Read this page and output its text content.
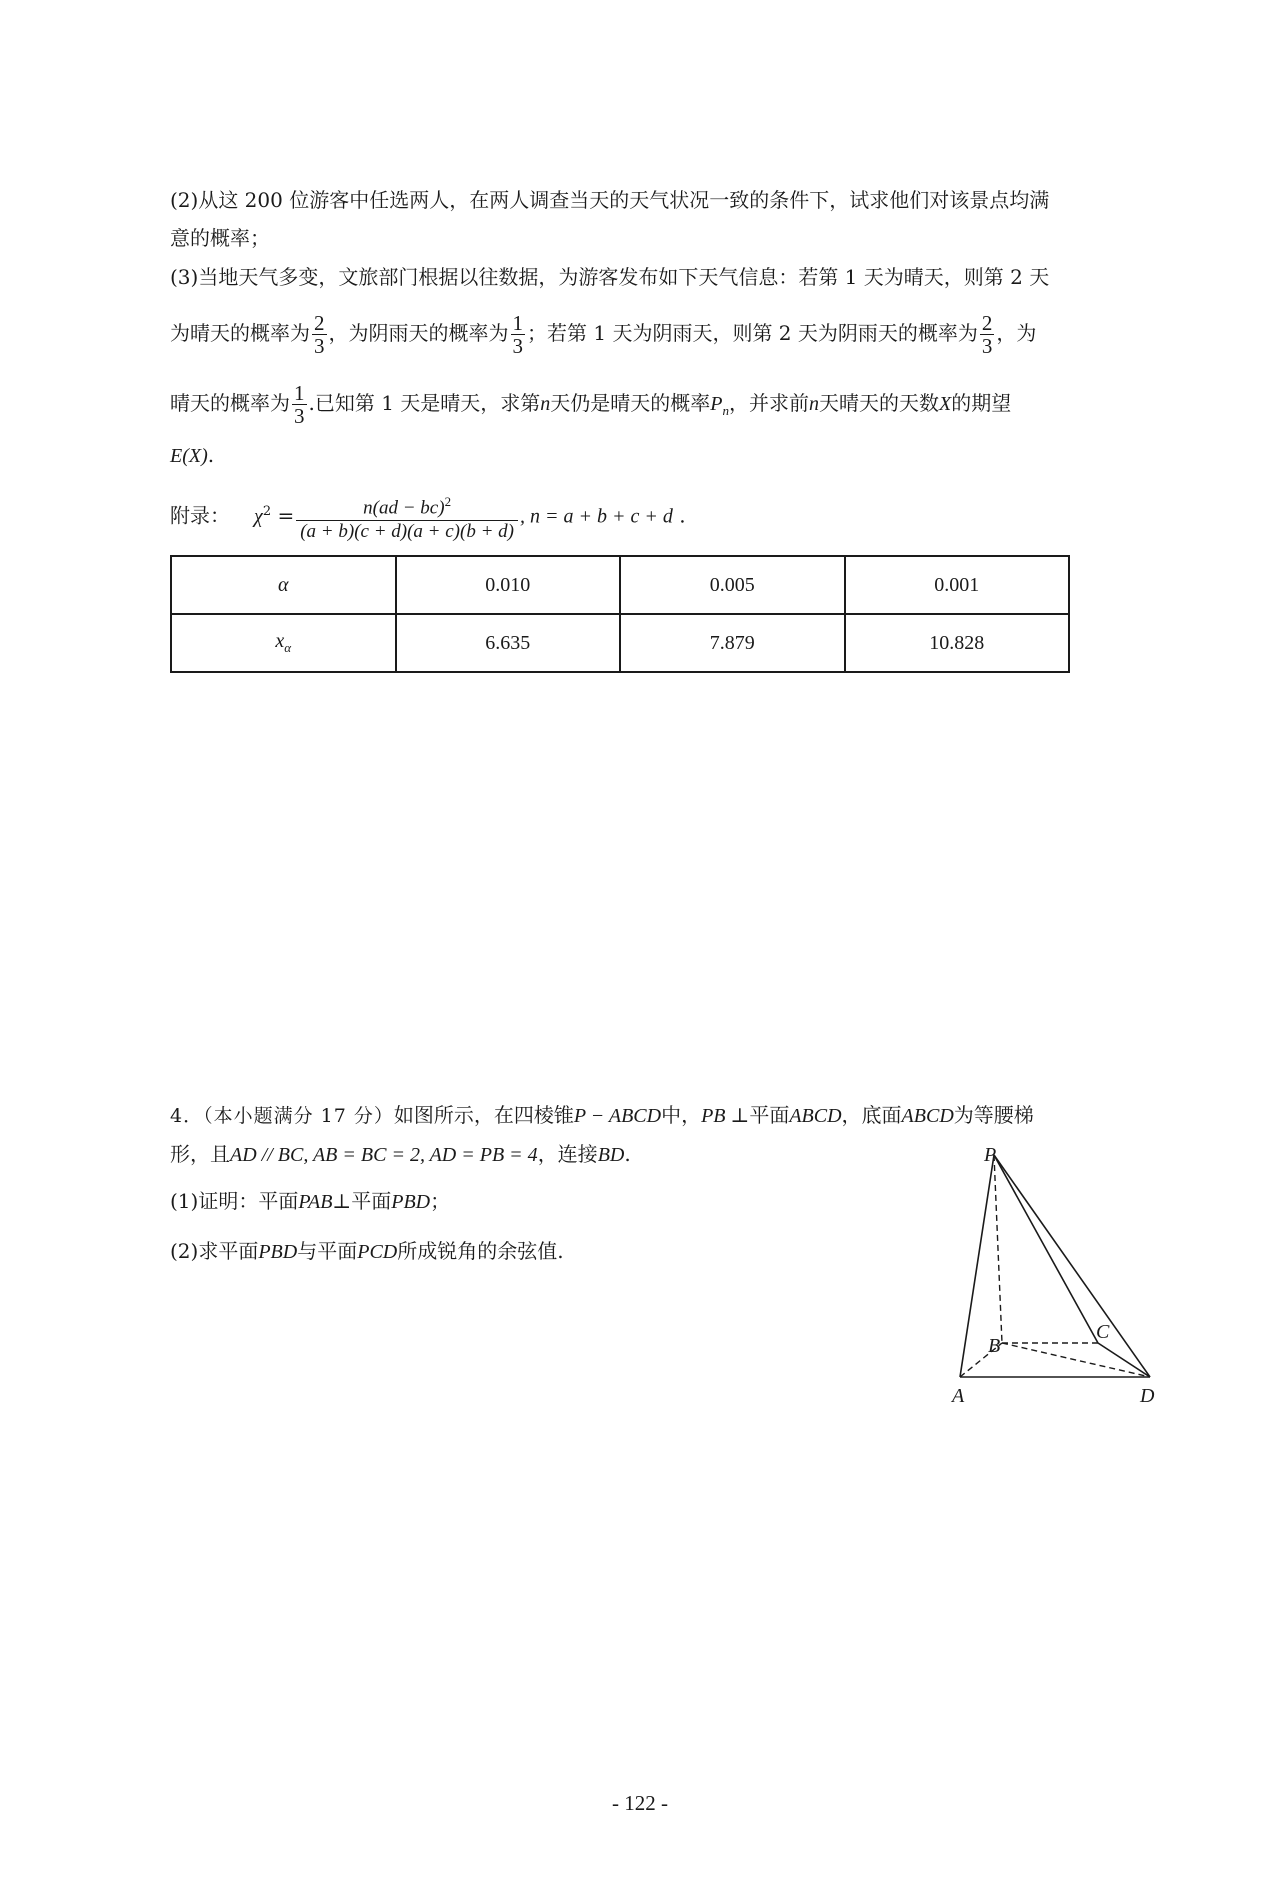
(2)从这 200 位游客中任选两人，在两人调查当天的天气状况一致的条件下，试求他们对该景点均满
意的概率；
(3)当地天气多变，文旅部门根据以往数据，为游客发布如下天气信息：若第 1 天为晴天，则第 2 天
为晴天的概率为 $\frac{2}{3}$ ，为阴雨天的概率为 $\frac{1}{3}$ ；若第 1 天为阴雨天，则第 2 天为阴雨天的概率为 $\frac{2}{3}$ ，为
晴天的概率为 $\frac{1}{3}$ .已知第 1 天是晴天，求第n天仍是晴天的概率$P_n$，并求前n天晴天的天数X的期望
E(X).
附录： $\chi^2 = \frac{n(ad - bc)^2}{(a + b)(c + d)(a + c)(b + d)}$ , n = a + b + c + d .
α	0.010	0.005	0.001
$x_\alpha$	6.635	7.879	10.828
4．（本小题满分 17 分）如图所示，在四棱锥P − ABCD中，PB ⊥平面ABCD，底面ABCD为等腰梯
形，且AD // BC, AB = BC = 2, AD = PB = 4，连接BD.
(1)证明：平面PAB⊥平面PBD；
(2)求平面PBD与平面PCD所成锐角的余弦值.
P
B
C
A	D
- 122 -
